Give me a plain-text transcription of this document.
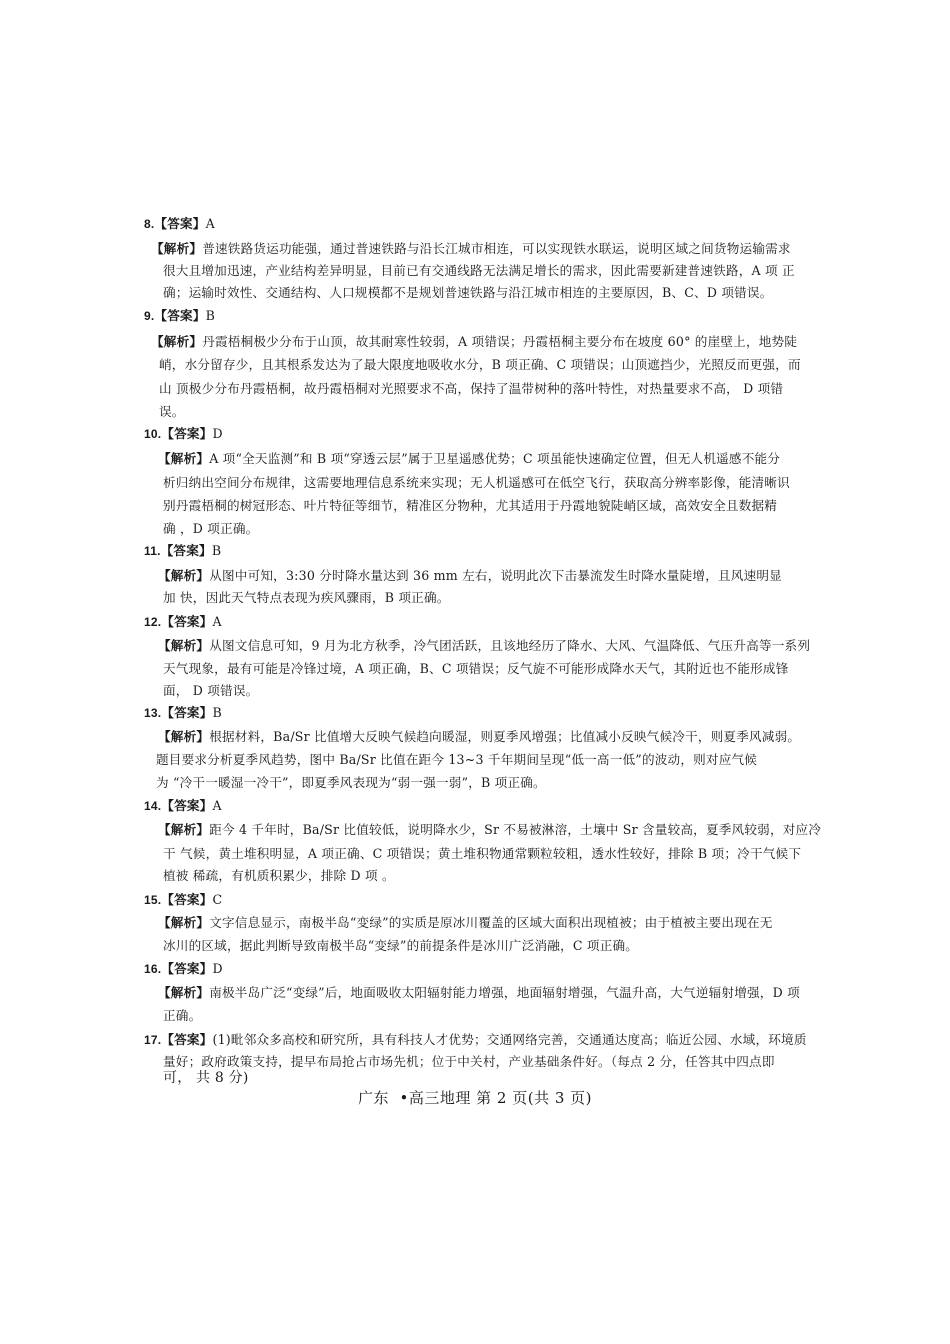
8.【答案】A
【解析】普速铁路货运功能强，通过普速铁路与沿长江城市相连，可以实现铁水联运，说明区域之间货物运输需求
很大且增加迅速，产业结构差异明显，目前已有交通线路无法满足增长的需求，因此需要新建普速铁路，A 项 正
确；运输时效性、交通结构、人口规模都不是规划普速铁路与沿江城市相连的主要原因，B、C、D 项错误。
9.【答案】B
【解析】丹霞梧桐极少分布于山顶，故其耐寒性较弱，A 项错误；丹霞梧桐主要分布在坡度 60° 的崖壁上，地势陡
峭，水分留存少，且其根系发达为了最大限度地吸收水分，B 项正确、C 项错误；山顶遮挡少，光照反而更强，而
山 顶极少分布丹霞梧桐，故丹霞梧桐对光照要求不高，保持了温带树种的落叶特性，对热量要求不高， D 项错
误。
10.【答案】D
【解析】A 项“全天监测”和 B 项“穿透云层”属于卫星遥感优势；C 项虽能快速确定位置，但无人机遥感不能分
析归纳出空间分布规律，这需要地理信息系统来实现；无人机遥感可在低空飞行，获取高分辨率影像，能清晰识
别丹霞梧桐的树冠形态、叶片特征等细节，精准区分物种，尤其适用于丹霞地貌陡峭区域，高效安全且数据精
确 ，D 项正确。
11.【答案】B
【解析】从图中可知，3:30 分时降水量达到 36 mm 左右，说明此次下击暴流发生时降水量陡增，且风速明显
加 快，因此天气特点表现为疾风骤雨，B 项正确。
12.【答案】A
【解析】从图文信息可知，9 月为北方秋季，冷气团活跃，且该地经历了降水、大风、气温降低、气压升高等一系列
天气现象，最有可能是冷锋过境，A 项正确，B、C 项错误；反气旋不可能形成降水天气，其附近也不能形成锋
面， D 项错误。
13.【答案】B
【解析】根据材料，Ba/Sr 比值增大反映气候趋向暖湿，则夏季风增强；比值减小反映气候冷干，则夏季风减弱。
题目要求分析夏季风趋势，图中 Ba/Sr 比值在距今 13~3 千年期间呈现“低一高一低”的波动，则对应气候
为 “冷干一暖湿一冷干”，即夏季风表现为“弱一强一弱”，B 项正确。
14.【答案】A
【解析】距今 4 千年时，Ba/Sr 比值较低，说明降水少，Sr 不易被淋溶，土壤中 Sr 含量较高，夏季风较弱，对应冷
干 气候，黄土堆积明显，A 项正确、C 项错误；黄土堆积物通常颗粒较粗，透水性较好，排除 B 项；冷干气候下
植被 稀疏，有机质积累少，排除 D 项 。
15.【答案】C
【解析】文字信息显示，南极半岛“变绿”的实质是原冰川覆盖的区域大面积出现植被；由于植被主要出现在无
冰川的区域，据此判断导致南极半岛“变绿”的前提条件是冰川广泛消融，C 项正确。
16.【答案】D
【解析】南极半岛广泛“变绿”后，地面吸收太阳辐射能力增强，地面辐射增强，气温升高，大气逆辐射增强，D 项
正确。
17.【答案】(1)毗邻众多高校和研究所，具有科技人才优势；交通网络完善，交通通达度高；临近公园、水域，环境质
量好；政府政策支持，提早布局抢占市场先机；位于中关村，产业基础条件好。（每点 2 分，任答其中四点即
可， 共 8 分)
广东 •高三地理 第 2 页(共 3 页)
